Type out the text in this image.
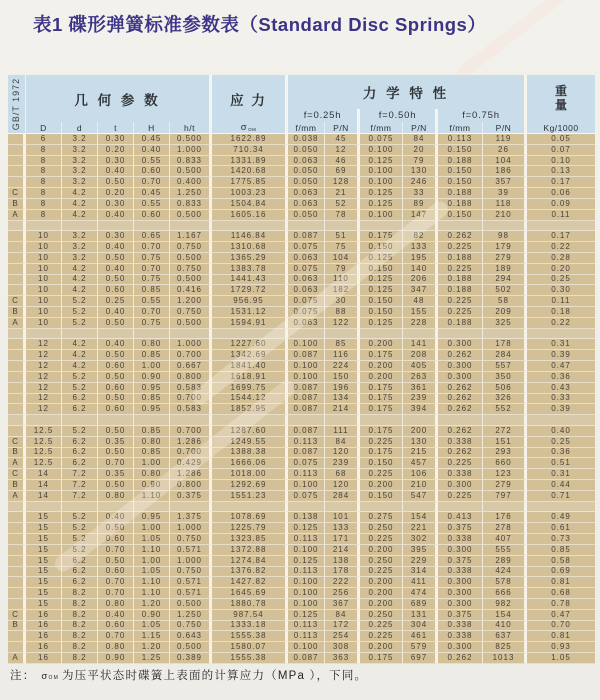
表1 碟形弹簧标准参数表（Standard Disc Springs）
GB/T 1972	几 何 参 数	应 力	力 学 特 性	重
量
f=0.25h	f=0.50h	f=0.75h
D	d	t	H	h/t	σ OM	f/mm	P/N	f/mm	P/N	f/mm	P/N	Kg/1000
6	3.2	0.30	0.45	0.500	1622.89	0.038	45	0.075	84	0.113	119	0.05
8	3.2	0.20	0.40	1.000	710.34	0.050	12	0.100	20	0.150	26	0.07
8	3.2	0.30	0.55	0.833	1331.89	0.063	46	0.125	79	0.188	104	0.10
8	3.2	0.40	0.60	0.500	1420.68	0.050	69	0.100	130	0.150	186	0.13
8	3.2	0.50	0.70	0.400	1775.85	0.050	128	0.100	246	0.150	357	0.17
C	8	4.2	0.20	0.45	1.250	1003.23	0.063	21	0.125	33	0.188	39	0.06
B	8	4.2	0.30	0.55	0.833	1504.84	0.063	52	0.125	89	0.188	118	0.09
A	8	4.2	0.40	0.60	0.500	1605.16	0.050	78	0.100	147	0.150	210	0.11
10	3.2	0.30	0.65	1.167	1146.84	0.087	51	0.175	82	0.262	98	0.17
10	3.2	0.40	0.70	0.750	1310.68	0.075	75	0.150	133	0.225	179	0.22
10	3.2	0.50	0.75	0.500	1365.29	0.063	104	0.125	195	0.188	279	0.28
10	4.2	0.40	0.70	0.750	1383.78	0.075	79	0.150	140	0.225	189	0.20
10	4.2	0.50	0.75	0.500	1441.43	0.063	110	0.125	206	0.188	294	0.25
10	4.2	0.60	0.85	0.416	1729.72	0.063	182	0.125	347	0.188	502	0.30
C	10	5.2	0.25	0.55	1.200	956.95	0.075	30	0.150	48	0.225	58	0.11
B	10	5.2	0.40	0.70	0.750	1531.12	0.075	88	0.150	155	0.225	209	0.18
A	10	5.2	0.50	0.75	0.500	1594.91	0.063	122	0.125	228	0.188	325	0.22
12	4.2	0.40	0.80	1.000	1227.60	0.100	85	0.200	141	0.300	178	0.31
12	4.2	0.50	0.85	0.700	1342.69	0.087	116	0.175	208	0.262	284	0.39
12	4.2	0.60	1.00	0.667	1841.40	0.100	224	0.200	405	0.300	557	0.47
12	5.2	0.50	0.90	0.800	1618.91	0.100	150	0.200	263	0.300	350	0.36
12	5.2	0.60	0.95	0.583	1699.75	0.087	196	0.175	361	0.262	506	0.43
12	6.2	0.50	0.85	0.700	1544.12	0.087	134	0.175	239	0.262	326	0.33
12	6.2	0.60	0.95	0.583	1852.95	0.087	214	0.175	394	0.262	552	0.39
12.5	5.2	0.50	0.85	0.700	1287.60	0.087	111	0.175	200	0.262	272	0.40
C	12.5	6.2	0.35	0.80	1.286	1249.55	0.113	84	0.225	130	0.338	151	0.25
B	12.5	6.2	0.50	0.85	0.700	1388.38	0.087	120	0.175	215	0.262	293	0.36
A	12.5	6.2	0.70	1.00	0.429	1666.06	0.075	239	0.150	457	0.225	660	0.51
C	14	7.2	0.35	0.80	1.286	1018.00	0.113	68	0.225	106	0.338	123	0.31
B	14	7.2	0.50	0.90	0.800	1292.69	0.100	120	0.200	210	0.300	279	0.44
A	14	7.2	0.80	1.10	0.375	1551.23	0.075	284	0.150	547	0.225	797	0.71
15	5.2	0.40	0.95	1.375	1078.69	0.138	101	0.275	154	0.413	176	0.49
15	5.2	0.50	1.00	1.000	1225.79	0.125	133	0.250	221	0.375	278	0.61
15	5.2	0.60	1.05	0.750	1323.85	0.113	171	0.225	302	0.338	407	0.73
15	5.2	0.70	1.10	0.571	1372.88	0.100	214	0.200	395	0.300	555	0.85
15	6.2	0.50	1.00	1.000	1274.84	0.125	138	0.250	229	0.375	289	0.58
15	6.2	0.60	1.05	0.750	1376.82	0.113	178	0.225	314	0.338	424	0.69
15	6.2	0.70	1.10	0.571	1427.82	0.100	222	0.200	411	0.300	578	0.81
15	8.2	0.70	1.10	0.571	1645.69	0.100	256	0.200	474	0.300	666	0.68
15	8.2	0.80	1.20	0.500	1880.78	0.100	367	0.200	689	0.300	982	0.78
C	16	8.2	0.40	0.90	1.250	987.54	0.125	84	0.250	131	0.375	154	0.47
B	16	8.2	0.60	1.05	0.750	1333.18	0.113	172	0.225	304	0.338	410	0.70
16	8.2	0.70	1.15	0.643	1555.38	0.113	254	0.225	461	0.338	637	0.81
16	8.2	0.80	1.20	0.500	1580.07	0.100	308	0.200	579	0.300	825	0.93
A	16	8.2	0.90	1.25	0.389	1555.38	0.087	363	0.175	697	0.262	1013	1.05
注： σ OM 为压平状态时碟簧上表面的计算应力（MPa ），下同。
